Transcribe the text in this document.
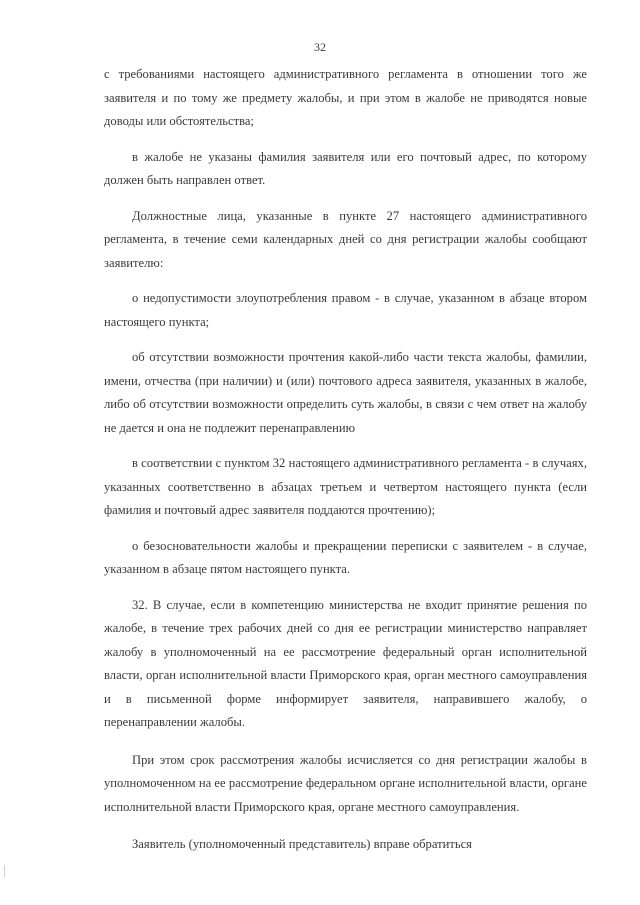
32

с требованиями настоящего административного регламента в отношении того же заявителя и по тому же предмету жалобы, и при этом в жалобе не приводятся новые доводы или обстоятельства;

в жалобе не указаны фамилия заявителя или его почтовый адрес, по которому должен быть направлен ответ.

Должностные лица, указанные в пункте 27 настоящего административного регламента, в течение семи календарных дней со дня регистрации жалобы сообщают заявителю:

о недопустимости злоупотребления правом - в случае, указанном в абзаце втором настоящего пункта;

об отсутствии возможности прочтения какой-либо части текста жалобы, фамилии, имени, отчества (при наличии) и (или) почтового адреса заявителя, указанных в жалобе, либо об отсутствии возможности определить суть жалобы, в связи с чем ответ на жалобу не дается и она не подлежит перенаправлению

в соответствии с пунктом 32 настоящего административного регламента - в случаях, указанных соответственно в абзацах третьем и четвертом настоящего пункта (если фамилия и почтовый адрес заявителя поддаются прочтению);

о безосновательности жалобы и прекращении переписки с заявителем - в случае, указанном в абзаце пятом настоящего пункта.

32. В случае, если в компетенцию министерства не входит принятие решения по жалобе, в течение трех рабочих дней со дня ее регистрации министерство направляет жалобу в уполномоченный на ее рассмотрение федеральный орган исполнительной власти, орган исполнительной власти Приморского края, орган местного самоуправления и в письменной форме информирует заявителя, направившего жалобу, о перенаправлении жалобы.

При этом срок рассмотрения жалобы исчисляется со дня регистрации жалобы в уполномоченном на ее рассмотрение федеральном органе исполнительной власти, органе исполнительной власти Приморского края, органе местного самоуправления.

Заявитель (уполномоченный представитель) вправе обратиться
